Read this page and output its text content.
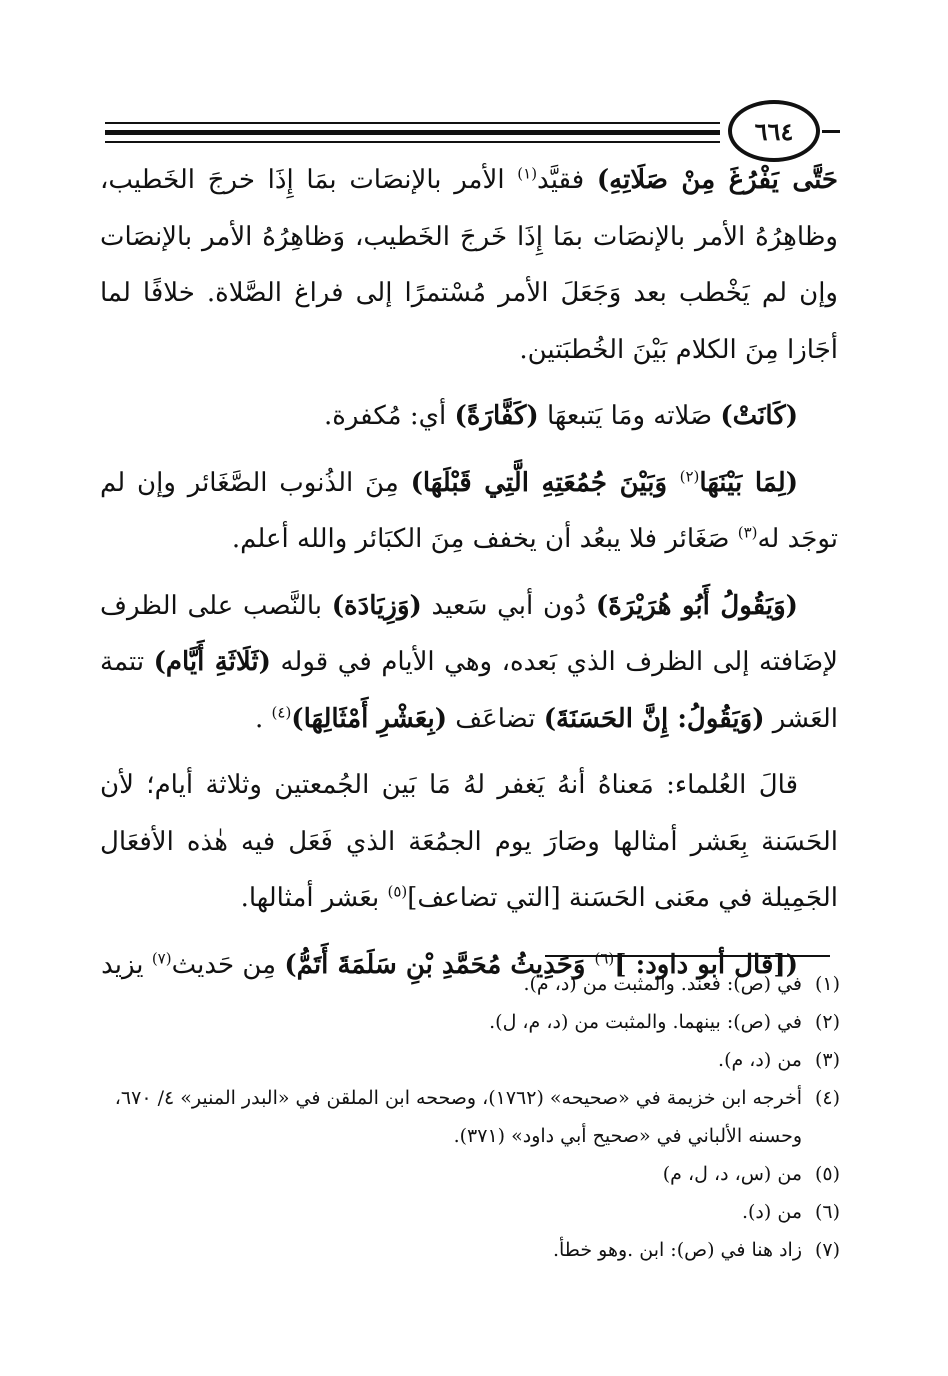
٦٦٤

حَتَّى يَفْرُغَ مِنْ صَلَاتِهِ) فقيَّد$^{(١)}$ الأمر بالإنصَات بمَا إِذَا خرجَ الخَطيب، وظاهِرُهُ الأمر بالإنصَات بمَا إِذَا خَرجَ الخَطيب، وَظاهِرُهُ الأمر بالإنصَات وإن لم يَخْطب بعد وَجَعَلَ الأمر مُسْتمرًا إلى فراغ الصَّلاة. خلافًا لما أجَازا مِنَ الكلام بَيْنَ الخُطبَتين.

(كَانَتْ) صَلاته ومَا يَتبعهَا (كَفَّارَةً) أي: مُكفرة.

(لِمَا بَيْنَهَا$^{(٢)}$ وَبَيْنَ جُمُعَتِهِ الَّتِي قَبْلَهَا) مِنَ الذُنوب الصَّغَائر وإن لم توجَد له$^{(٣)}$ صَغَائر فلا يبعُد أن يخفف مِنَ الكبَائر والله أعلم.

(وَيَقُولُ أَبُو هُرَيْرَةَ) دُون أبي سَعيد (وَزِيَادَة) بالنَّصب على الظرف لإضَافته إلى الظرف الذي بَعده، وهي الأيام في قوله (ثَلَاثَةِ أَيَّام) تتمة العَشر (وَيَقُولُ: إِنَّ الحَسَنَةَ) تضاعَف (بِعَشْرِ أَمْثَالِهَا)$^{(٤)}$ .

قالَ العُلماء: مَعناهُ أنهُ يَغفر لهُ مَا بَين الجُمعتين وثلاثة أيام؛ لأن الحَسَنة بِعَشر أمثالها وصَارَ يوم الجمُعَة الذي فَعَل فيه هٰذه الأفعَال الجَمِيلة في معَنى الحَسَنة [التي تضاعف]$^{(٥)}$ بعَشر أمثالها.

([قال أبو داود: ]$^{(٦)}$ وَحَدِيثُ مُحَمَّدِ بْنِ سَلَمَةَ أَتَمُّ) مِن حَديث$^{(٧)}$ يزيد

(١)
في (ص): فعند. والمثبت من (د، م).
(٢)
في (ص): بينهما. والمثبت من (د، م، ل).
(٣)
من (د، م).
(٤)
أخرجه ابن خزيمة في «صحيحه» (١٧٦٢)، وصححه ابن الملقن في «البدر المنير» ٤/ ٦٧٠، وحسنه الألباني في «صحيح أبي داود» (٣٧١).
(٥)
من (س، د، ل، م)
(٦)
من (د).
(٧)
زاد هنا في (ص): ابن .وهو خطأ.
